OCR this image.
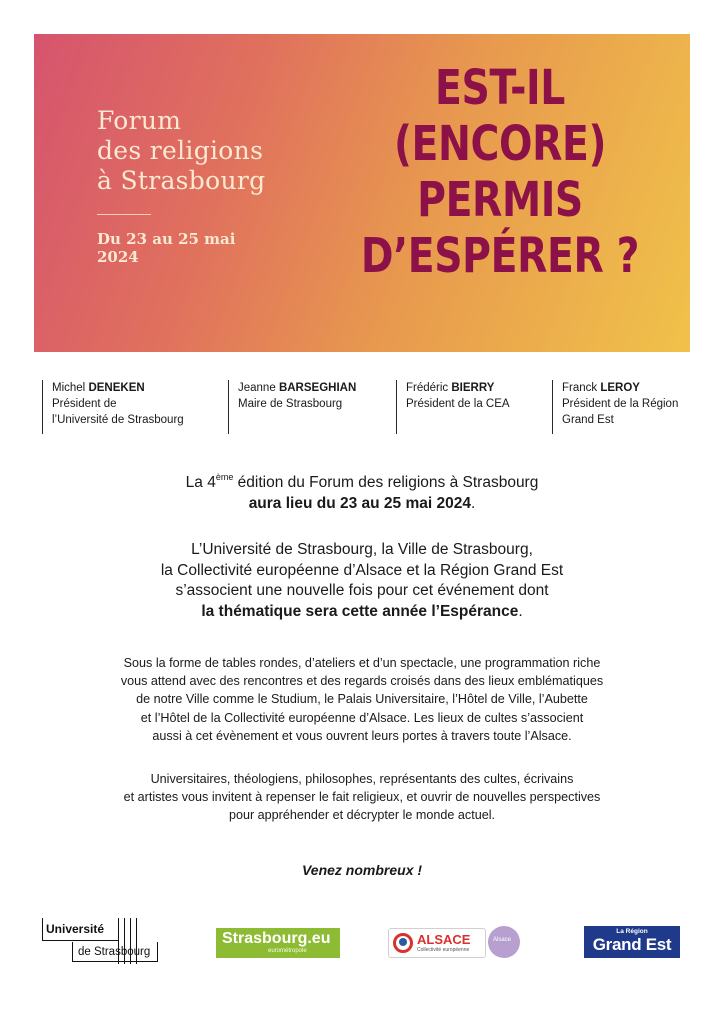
Forum
des religions
à Strasbourg
Du 23 au 25 mai
2024
EST-IL
(ENCORE)
PERMIS
D’ESPÉRER ?
Michel DENEKEN
Président de
l’Université de Strasbourg
Jeanne BARSEGHIAN
Maire de Strasbourg
Frédéric BIERRY
Président de la CEA
Franck LEROY
Président de la Région
Grand Est
La 4ème édition du Forum des religions à Strasbourg
aura lieu du 23 au 25 mai 2024.
L’Université de Strasbourg, la Ville de Strasbourg,
la Collectivité européenne d’Alsace et la Région Grand Est
s’associent une nouvelle fois pour cet événement dont
la thématique sera cette année l’Espérance.
Sous la forme de tables rondes, d’ateliers et d’un spectacle, une programmation riche
vous attend avec des rencontres et des regards croisés dans des lieux emblématiques
de notre Ville comme le Studium, le Palais Universitaire, l’Hôtel de Ville, l’Aubette
et l’Hôtel de la Collectivité européenne d’Alsace. Les lieux de cultes s’associent
aussi à cet évènement et vous ouvrent leurs portes à travers toute l’Alsace.
Universitaires, théologiens, philosophes, représentants des cultes, écrivains
et artistes vous invitent à repenser le fait religieux, et ouvrir de nouvelles perspectives
pour appréhender et décrypter le monde actuel.
Venez nombreux !
Université
de Strasbourg
Strasbourg.eu
eurométropole
ALSACE
Collectivité européenne
Alsace
La Région
Grand Est
